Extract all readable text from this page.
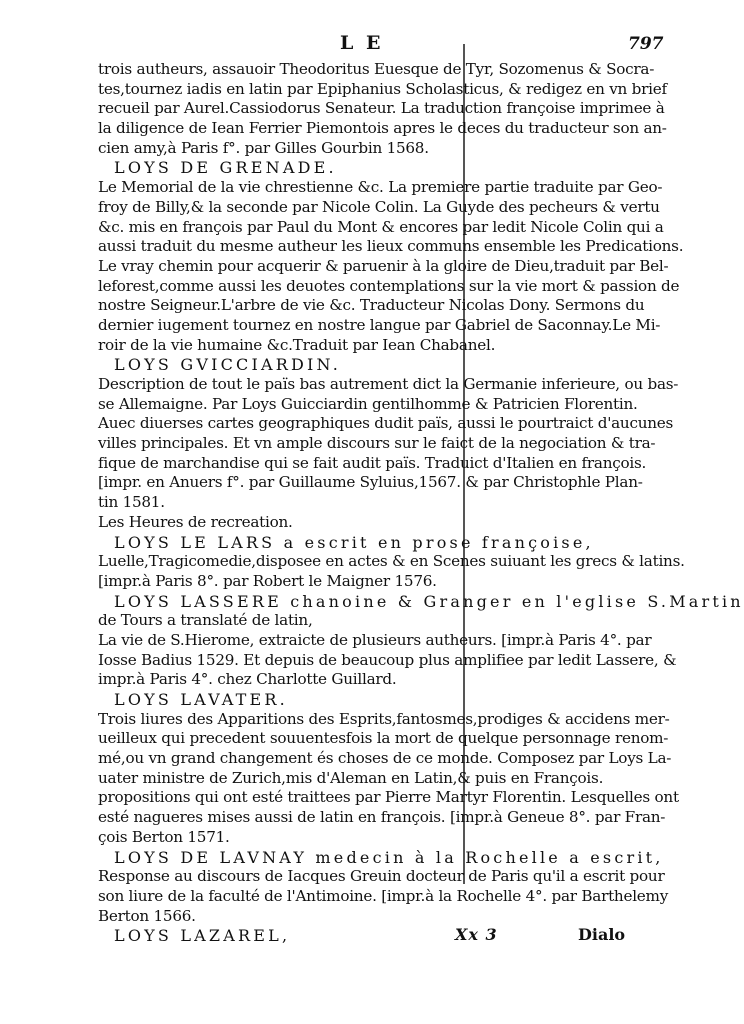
L E	797
trois autheurs, assauoir Theodoritus Euesque de Tyr, Sozomenus & Socra-
tes,tournez iadis en latin par Epiphanius Scholasticus, & redigez en vn brief
recueil par Aurel.Cassiodorus Senateur. La traduction françoise imprimee à
la diligence de Iean Ferrier Piemontois apres le deces du traducteur son an-
cien amy,à Paris f°. par Gilles Gourbin 1568.
LOYS DE GRENADE.
Le Memorial de la vie chrestienne &c. La premiere partie traduite par Geo-
froy de Billy,& la seconde par Nicole Colin. La Guyde des pecheurs & vertu
&c. mis en françois par Paul du Mont & encores par ledit Nicole Colin qui a
aussi traduit du mesme autheur les lieux communs ensemble les Predications.
Le vray chemin pour acquerir & paruenir à la gloire de Dieu,traduit par Bel-
leforest,comme aussi les deuotes contemplations sur la vie mort & passion de
nostre Seigneur.L'arbre de vie &c. Traducteur Nicolas Dony. Sermons du
dernier iugement tournez en nostre langue par Gabriel de Saconnay.Le Mi-
roir de la vie humaine &c.Traduit par Iean Chabanel.
LOYS GVICCIARDIN.
Description de tout le païs bas autrement dict la Germanie inferieure, ou bas-
se Allemaigne. Par Loys Guicciardin gentilhomme & Patricien Florentin.
Auec diuerses cartes geographiques dudit païs, aussi le pourtraict d'aucunes
villes principales. Et vn ample discours sur le faict de la negociation & tra-
fique de marchandise qui se fait audit païs. Traduict d'Italien en françois.
[impr. en Anuers f°. par Guillaume Syluius,1567. & par Christophle Plan-
tin 1581.
Les Heures de recreation.
LOYS LE LARS a escrit en prose françoise,
Luelle,Tragicomedie,disposee en actes & en Scenes suiuant les grecs & latins.
[impr.à Paris 8°. par Robert le Maigner 1576.
LOYS LASSERE chanoine & Granger en l'eglise S.Martin
de Tours a translaté de latin,
La vie de S.Hierome, extraicte de plusieurs autheurs. [impr.à Paris 4°. par
Iosse Badius 1529. Et depuis de beaucoup plus amplifiee par ledit Lassere, &
impr.à Paris 4°. chez Charlotte Guillard.
LOYS LAVATER.
Trois liures des Apparitions des Esprits,fantosmes,prodiges & accidens mer-
ueilleux qui precedent souuentesfois la mort de quelque personnage renom-
mé,ou vn grand changement és choses de ce monde. Composez par Loys La-
uater ministre de Zurich,mis d'Aleman en Latin,& puis en François.
propositions qui ont esté traittees par Pierre Martyr Florentin. Lesquelles ont
esté nagueres mises aussi de latin en françois. [impr.à Geneue 8°. par Fran-
çois Berton 1571.
LOYS DE LAVNAY medecin à la Rochelle a escrit,
Response au discours de Iacques Greuin docteur de Paris qu'il a escrit pour
son liure de la faculté de l'Antimoine. [impr.à la Rochelle 4°. par Barthelemy
Berton 1566.
LOYS LAZAREL,	Xx 3	Dialo
